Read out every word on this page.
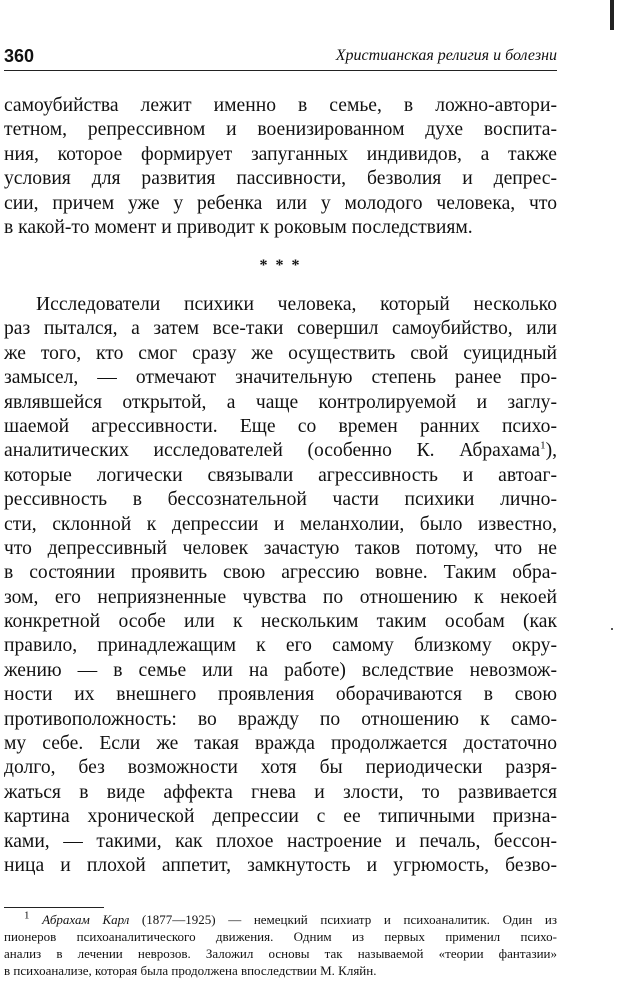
360	Христианская религия и болезни
самоубийства лежит именно в семье, в ложно-автори-
тетном, репрессивном и военизированном духе воспита-
ния, которое формирует запуганных индивидов, а также
условия для развития пассивности, безволия и депрес-
сии, причем уже у ребенка или у молодого человека, что
в какой-то момент и приводит к роковым последствиям.
* * *
Исследователи психики человека, который несколько
раз пытался, а затем все-таки совершил самоубийство, или
же того, кто смог сразу же осуществить свой суицидный
замысел, — отмечают значительную степень ранее про-
являвшейся открытой, а чаще контролируемой и заглу-
шаемой агрессивности. Еще со времен ранних психо-
аналитических исследователей (особенно К. Абрахама$^1$),
которые логически связывали агрессивность и автоаг-
рессивность в бессознательной части психики лично-
сти, склонной к депрессии и меланхолии, было известно,
что депрессивный человек зачастую таков потому, что не
в состоянии проявить свою агрессию вовне. Таким обра-
зом, его неприязненные чувства по отношению к некоей
конкретной особе или к нескольким таким особам (как
правило, принадлежащим к его самому близкому окру-
жению — в семье или на работе) вследствие невозмож-
ности их внешнего проявления оборачиваются в свою
противоположность: во вражду по отношению к само-
му себе. Если же такая вражда продолжается достаточно
долго, без возможности хотя бы периодически разря-
жаться в виде аффекта гнева и злости, то развивается
картина хронической депрессии с ее типичными призна-
ками, — такими, как плохое настроение и печаль, бессон-
ница и плохой аппетит, замкнутость и угрюмость, безво-
$^1$ Абрахам Карл (1877—1925) — немецкий психиатр и психоаналитик. Один из
пионеров психоаналитического движения. Одним из первых применил психо-
анализ в лечении неврозов. Заложил основы так называемой «теории фантазии»
в психоанализе, которая была продолжена впоследствии М. Кляйн.
